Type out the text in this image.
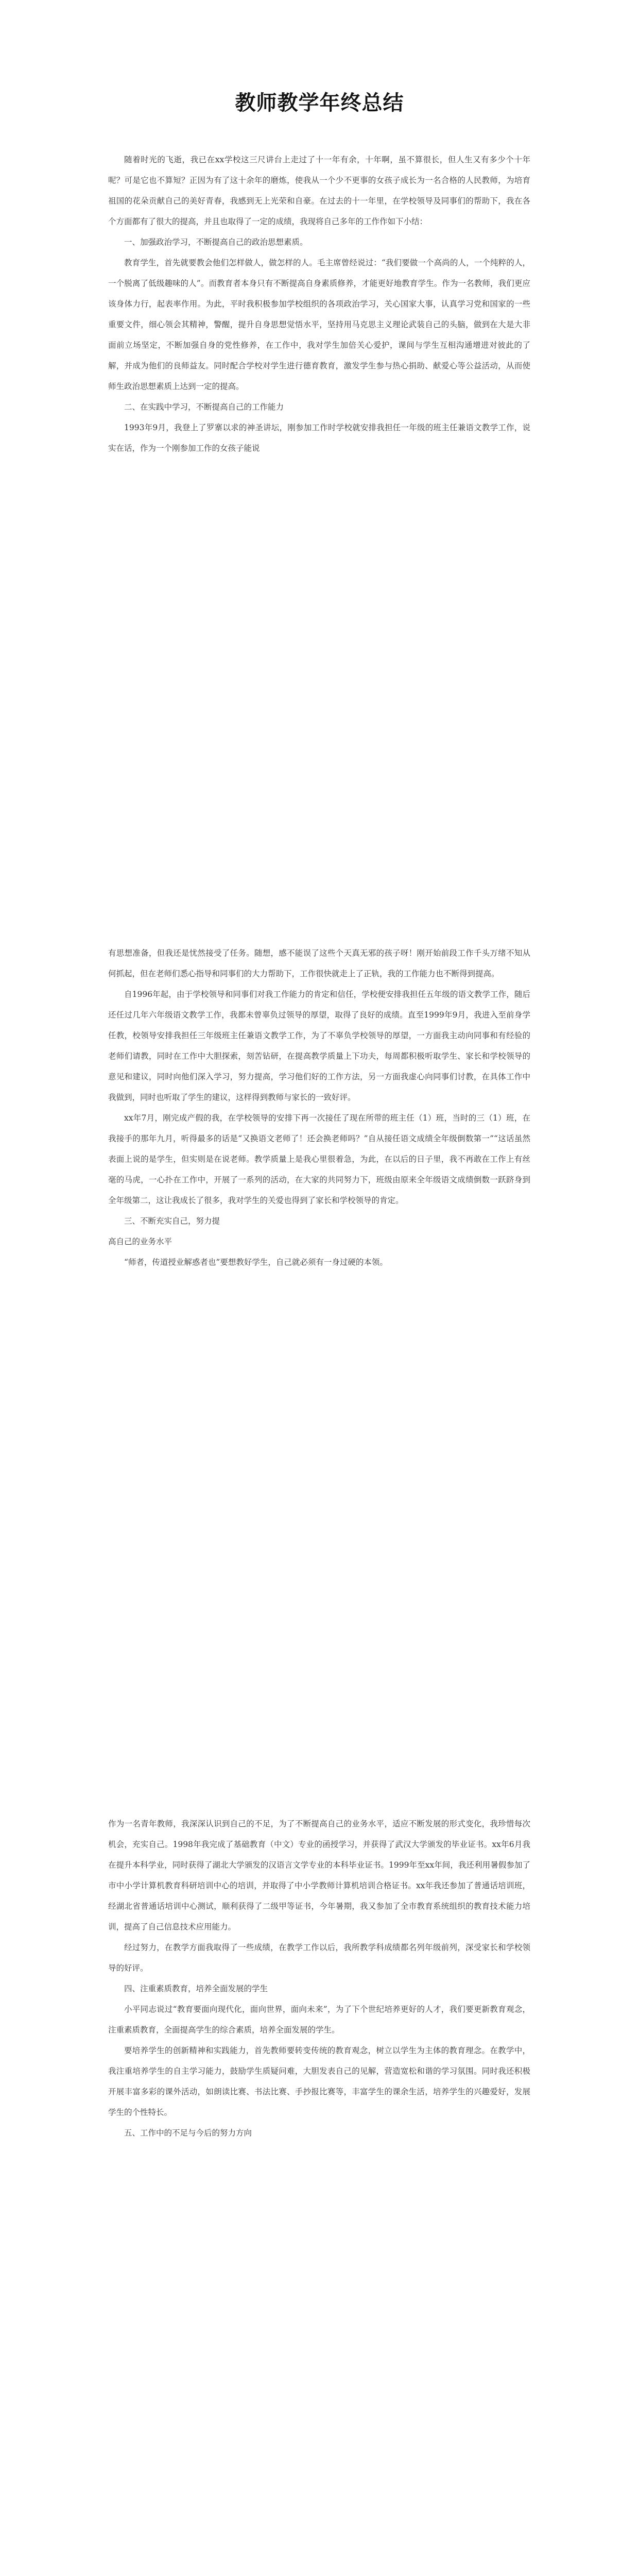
教师教学年终总结

随着时光的飞逝，我已在xx学校这三尺讲台上走过了十一年有余，十年啊，虽不算很长，但人生又有多少个十年呢？可是它也不算短？正因为有了这十余年的磨炼，使我从一个少不更事的女孩子成长为一名合格的人民教师，为培育祖国的花朵贡献自己的美好青春，我感到无上光荣和自豪。在过去的十一年里，在学校领导及同事们的帮助下，我在各个方面都有了很大的提高，并且也取得了一定的成绩，我现将自己多年的工作作如下小结：

一、加强政治学习，不断提高自己的政治思想素质。

教育学生，首先就要教会他们怎样做人，做怎样的人。毛主席曾经说过：“我们要做一个高尚的人，一个纯粹的人，一个脱离了低级趣味的人”。而教育者本身只有不断提高自身素质修养，才能更好地教育学生。作为一名教师，我们更应该身体力行，起表率作用。为此，平时我积极参加学校组织的各项政治学习，关心国家大事，认真学习党和国家的一些重要文件，细心领会其精神，警醒，提升自身思想觉悟水平，坚持用马克思主义理论武装自己的头脑，做到在大是大非面前立场坚定，不断加强自身的党性修养，在工作中，我对学生加倍关心爱护，课间与学生互相沟通增进对彼此的了解，并成为他们的良师益友。同时配合学校对学生进行德育教育，激发学生参与热心捐助、献爱心等公益活动，从而使师生政治思想素质上达到一定的提高。

二、在实践中学习，不断提高自己的工作能力

1993年9月，我登上了罗寨以求的神圣讲坛，刚参加工作时学校就安排我担任一年级的班主任兼语文教学工作，说实在话，作为一个刚参加工作的女孩子能说

有思想准备，但我还是忧然接受了任务。随想，感不能误了这些个天真无邪的孩子呀！刚开始前段工作千头万绪不知从何抓起，但在老师们悉心指导和同事们的大力帮助下，工作很快就走上了正轨，我的工作能力也不断得到提高。

自1996年起，由于学校领导和同事们对我工作能力的肯定和信任，学校便安排我担任五年级的语文教学工作，随后还任过几年六年级语文教学工作，我都未曾辜负过领导的厚望，取得了良好的成绩。直至1999年9月，我进入至前身学任教，校领导安排我担任三年级班主任兼语文教学工作，为了不辜负学校领导的厚望，一方面我主动向同事和有经验的老师们请教，同时在工作中大胆探索，刻苦钻研，在提高教学质量上下功夫，每周都积极听取学生、家长和学校领导的意见和建议，同时向他们深入学习，努力提高，学习他们好的工作方法，另一方面我虚心向同事们讨教，在具体工作中我做到，同时也听取了学生的建议，这样得到教师与家长的一致好评。

xx年7月，刚完成产假的我，在学校领导的安排下再一次接任了现在所带的班主任（1）班，当时的三（1）班，在我接手的那年九月，听得最多的话是“又换语文老师了！还会换老师吗？”自从接任语文成绩全年级倒数第一”“这话虽然表面上说的是学生，但实则是在说老师。教学质量上是我心里很着急，为此，在以后的日子里，我不再敢在工作上有丝毫的马虎，一心扑在工作中，开展了一系列的活动，在大家的共同努力下，班级由原来全年级语文成绩倒数一跃跻身到全年级第二，这让我成长了很多，我对学生的关爱也得到了家长和学校领导的肯定。

三、不断充实自己，努力提

高自己的业务水平

“师者，传道授业解惑者也”要想教好学生，自己就必须有一身过硬的本领。

作为一名青年教师，我深深认识到自己的不足，为了不断提高自己的业务水平，适应不断发展的形式变化，我珍惜每次机会，充实自己。1998年我完成了基础教育（中文）专业的函授学习，并获得了武汉大学颁发的毕业证书。xx年6月我在提升本科学业，同时获得了湖北大学颁发的汉语言文学专业的本科毕业证书。1999年至xx年间，我还利用暑假参加了市中小学计算机教育科研培训中心的培训，并取得了中小学教师计算机培训合格证书。xx年我还参加了普通话培训班，经湖北省普通话培训中心测试，顺利获得了二级甲等证书，今年暑期，我又参加了全市教育系统组织的教育技术能力培训，提高了自己信息技术应用能力。

经过努力，在教学方面我取得了一些成绩，在教学工作以后，我所教学科成绩都名列年级前列，深受家长和学校领导的好评。

四、注重素质教育，培养全面发展的学生

小平同志说过“教育要面向现代化，面向世界，面向未来”，为了下个世纪培养更好的人才，我们要更新教育观念，注重素质教育，全面提高学生的综合素质，培养全面发展的学生。

要培养学生的创新精神和实践能力，首先教师要转变传统的教育观念，树立以学生为主体的教育理念。在教学中，我注重培养学生的自主学习能力，鼓励学生质疑问难，大胆发表自己的见解，营造宽松和谐的学习氛围。同时我还积极开展丰富多彩的课外活动，如朗读比赛、书法比赛、手抄报比赛等，丰富学生的课余生活，培养学生的兴趣爱好，发展学生的个性特长。

五、工作中的不足与今后的努力方向
